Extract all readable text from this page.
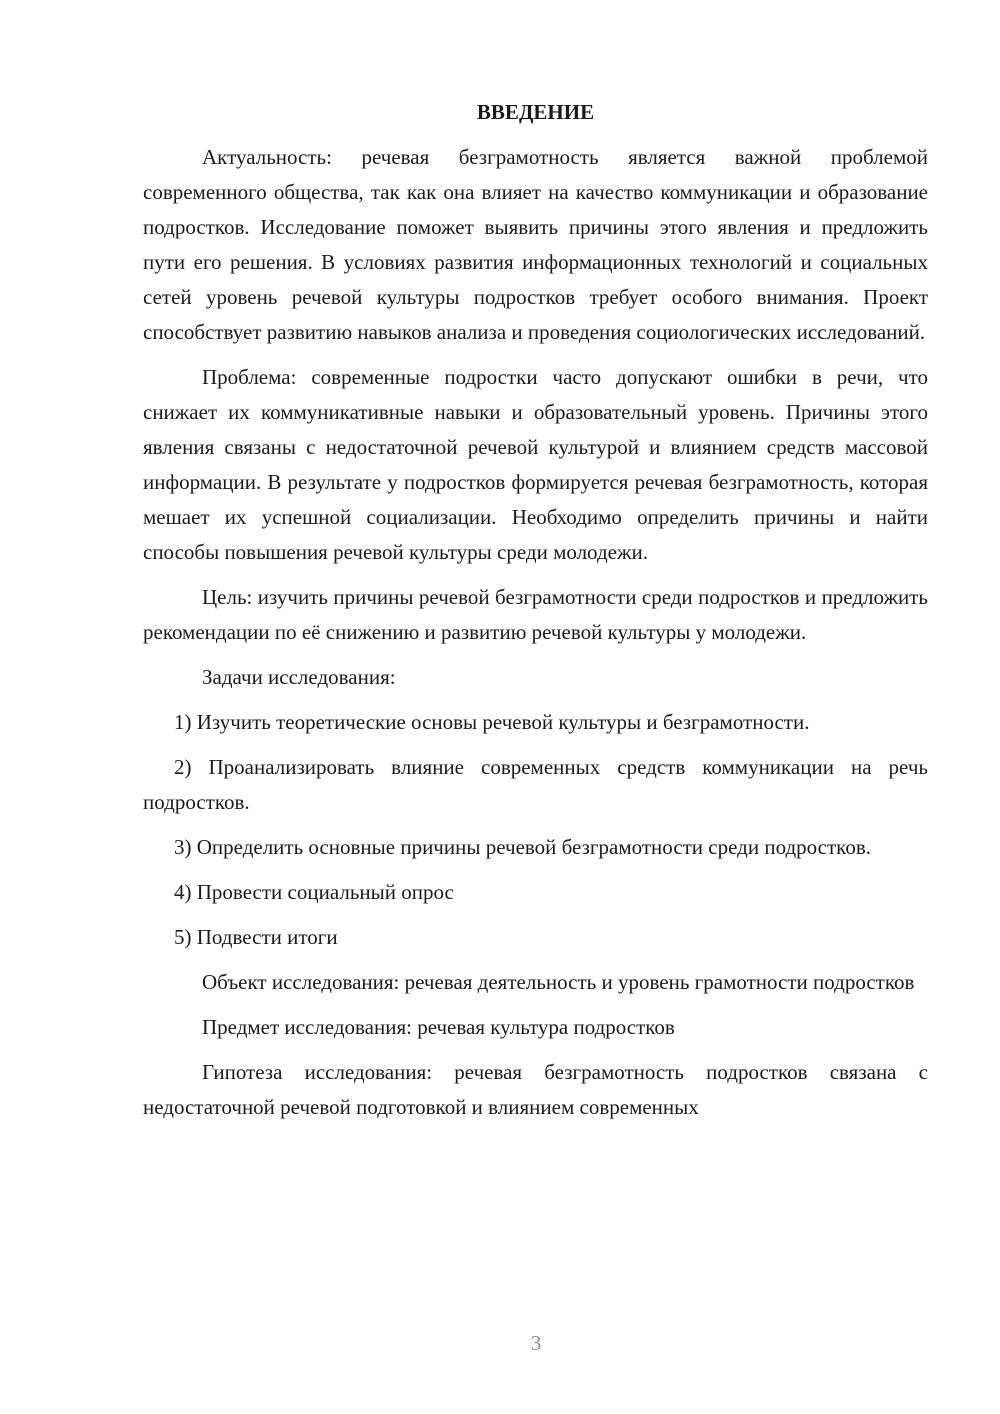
ВВЕДЕНИЕ

Актуальность: речевая безграмотность является важной проблемой современного общества, так как она влияет на качество коммуникации и образование подростков. Исследование поможет выявить причины этого явления и предложить пути его решения. В условиях развития информационных технологий и социальных сетей уровень речевой культуры подростков требует особого внимания. Проект способствует развитию навыков анализа и проведения социологических исследований.

Проблема: современные подростки часто допускают ошибки в речи, что снижает их коммуникативные навыки и образовательный уровень. Причины этого явления связаны с недостаточной речевой культурой и влиянием средств массовой информации. В результате у подростков формируется речевая безграмотность, которая мешает их успешной социализации. Необходимо определить причины и найти способы повышения речевой культуры среди молодежи.

Цель: изучить причины речевой безграмотности среди подростков и предложить рекомендации по её снижению и развитию речевой культуры у молодежи.

Задачи исследования:

1) Изучить теоретические основы речевой культуры и безграмотности.

2) Проанализировать влияние современных средств коммуникации на речь подростков.

3) Определить основные причины речевой безграмотности среди подростков.

4) Провести социальный опрос

5) Подвести итоги

Объект исследования: речевая деятельность и уровень грамотности подростков

Предмет исследования: речевая культура подростков

Гипотеза исследования: речевая безграмотность подростков связана с недостаточной речевой подготовкой и влиянием современных

3
